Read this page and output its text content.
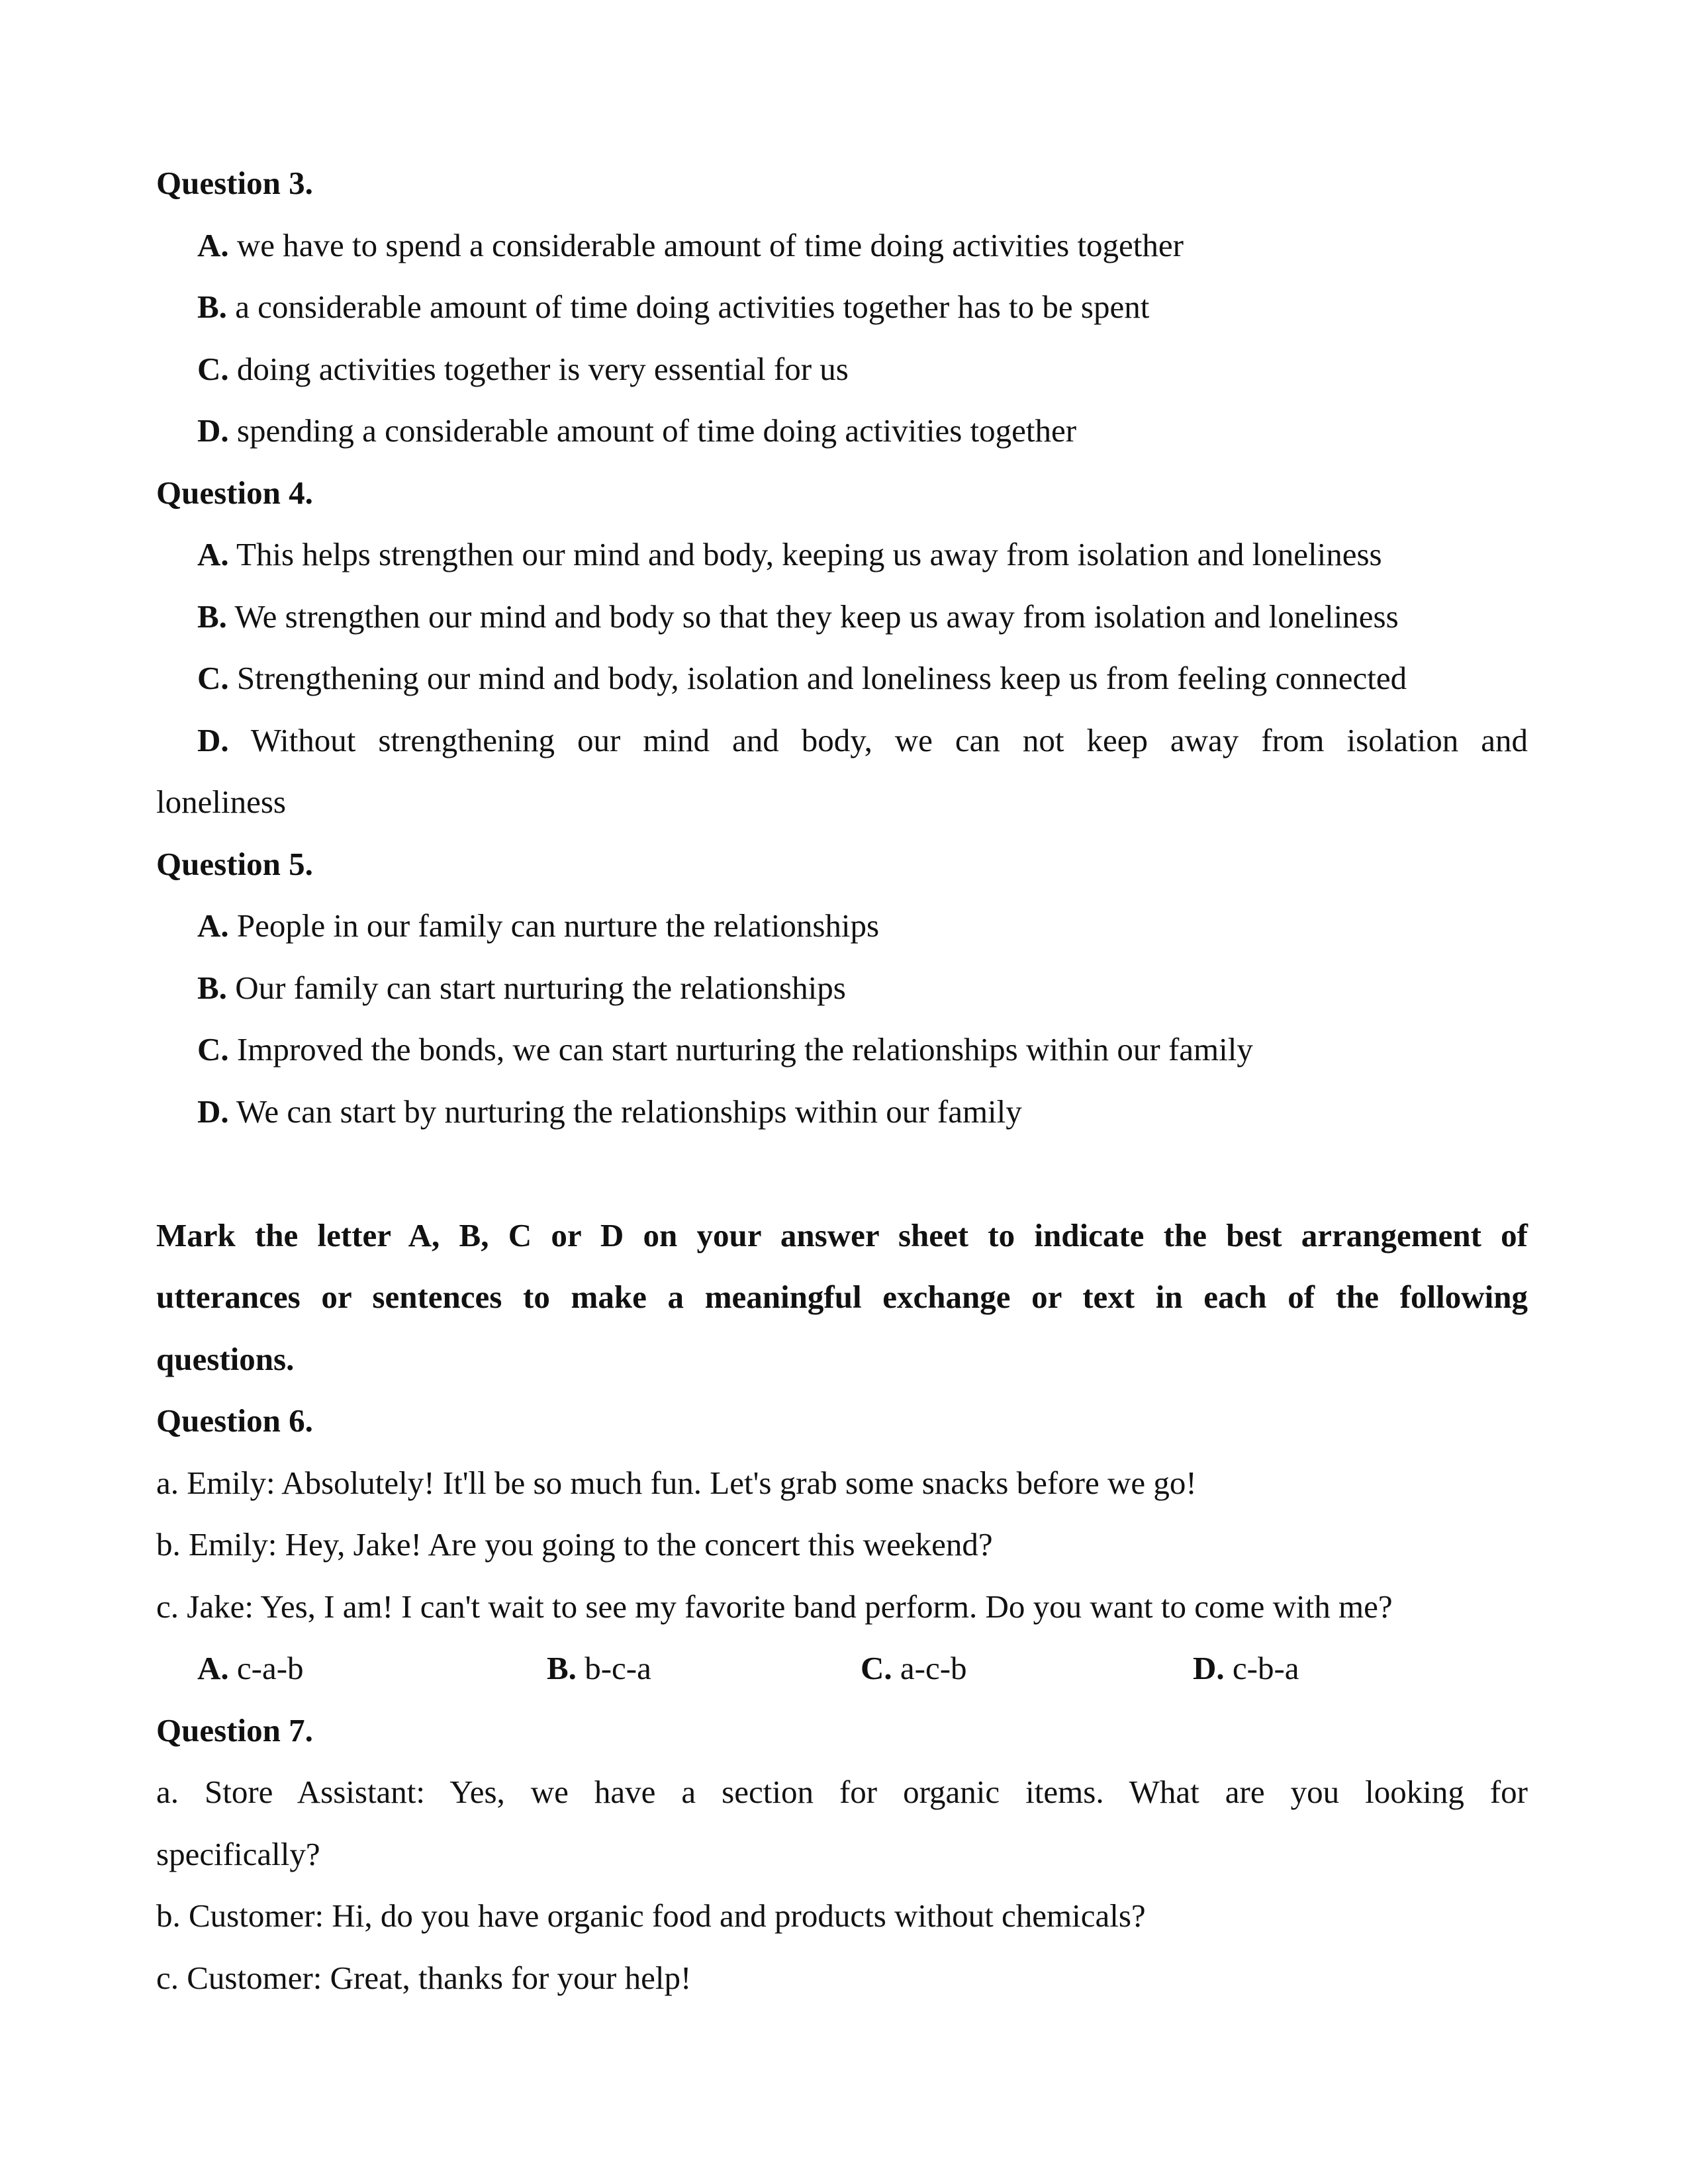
Question 3.
A. we have to spend a considerable amount of time doing activities together
B. a considerable amount of time doing activities together has to be spent
C. doing activities together is very essential for us
D. spending a considerable amount of time doing activities together
Question 4.
A. This helps strengthen our mind and body, keeping us away from isolation and loneliness
B. We strengthen our mind and body so that they keep us away from isolation and loneliness
C. Strengthening our mind and body, isolation and loneliness keep us from feeling connected
D. Without strengthening our mind and body, we can not keep away from isolation and
loneliness
Question 5.
A. People in our family can nurture the relationships
B. Our family can start nurturing the relationships
C. Improved the bonds, we can start nurturing the relationships within our family
D. We can start by nurturing the relationships within our family
Mark the letter A, B, C or D on your answer sheet to indicate the best arrangement of
utterances or sentences to make a meaningful exchange or text in each of the following
questions.
Question 6.
a. Emily: Absolutely! It'll be so much fun. Let's grab some snacks before we go!
b. Emily: Hey, Jake! Are you going to the concert this weekend?
c. Jake: Yes, I am! I can't wait to see my favorite band perform. Do you want to come with me?
A. c-a-b	B. b-c-a	C. a-c-b	D. c-b-a
Question 7.
a. Store Assistant: Yes, we have a section for organic items. What are you looking for
specifically?
b. Customer: Hi, do you have organic food and products without chemicals?
c. Customer: Great, thanks for your help!
